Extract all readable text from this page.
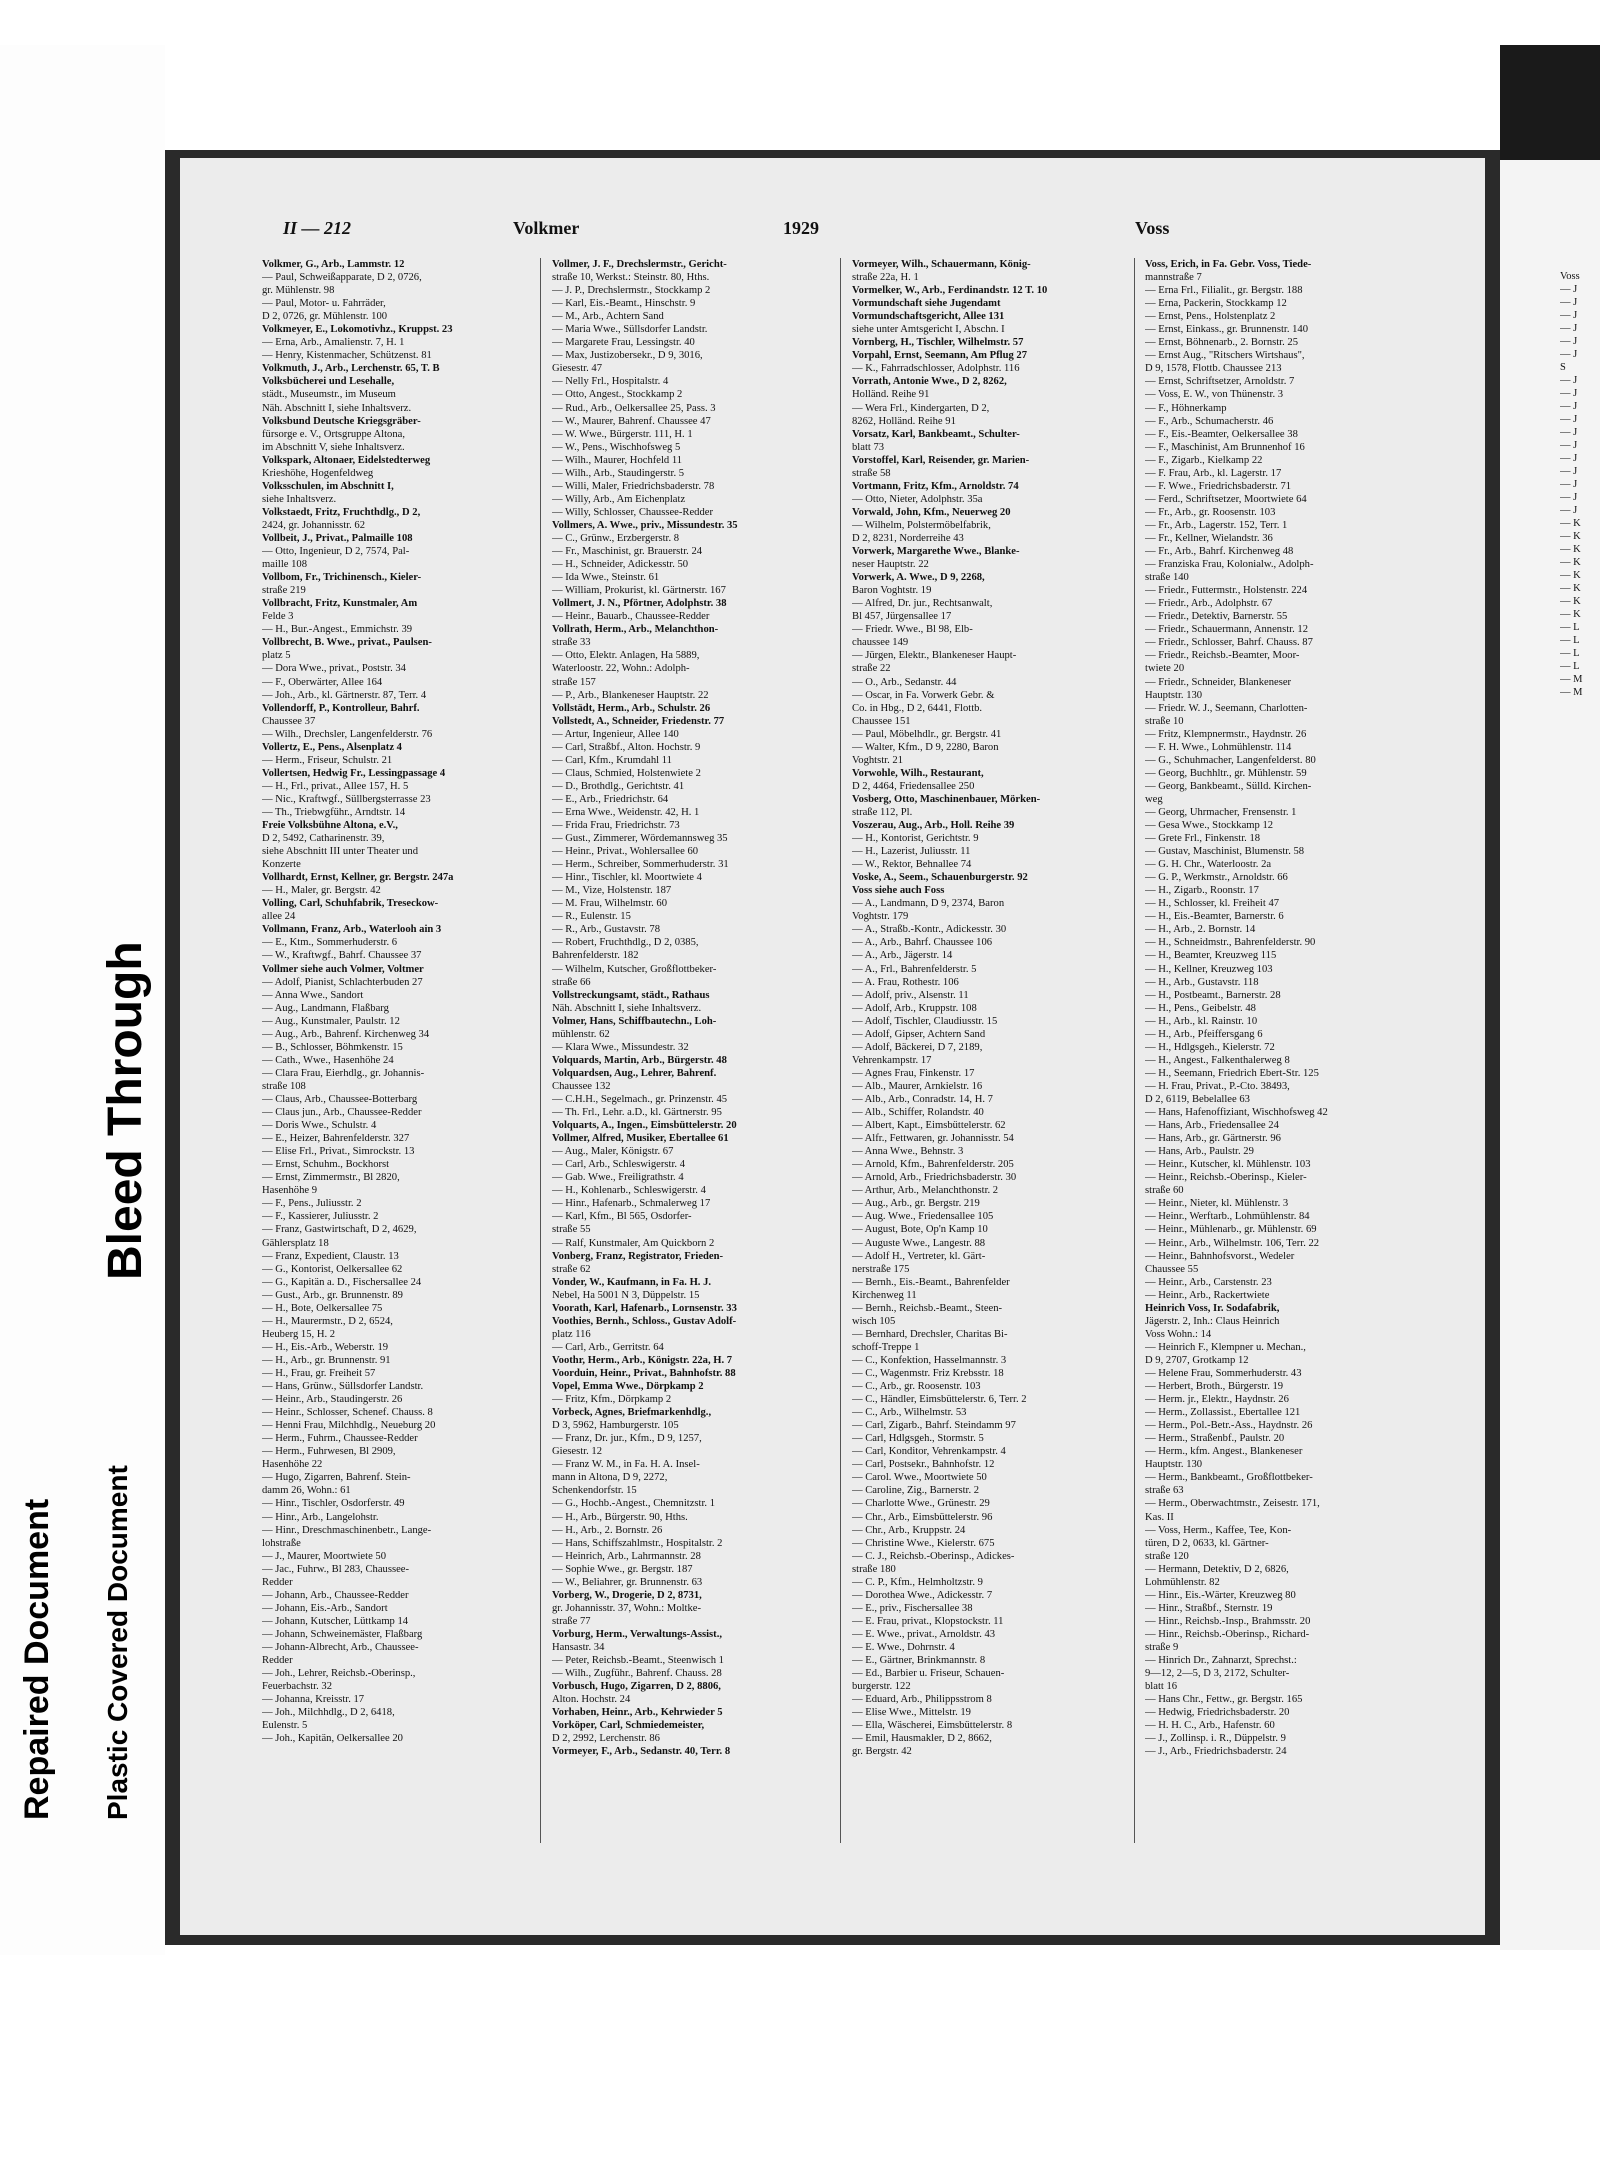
Repaired Document Plastic Covered Document
Bleed Through
II — 212	Volkmer	1929	Voss
Volkmer, G., Arb., Lammstr. 12
— Paul, Schweißapparate, D 2, 0726,
gr. Mühlenstr. 98
— Paul, Motor- u. Fahrräder,
D 2, 0726, gr. Mühlenstr. 100
Volkmeyer, E., Lokomotivhz., Kruppst. 23
— Erna, Arb., Amalienstr. 7, H. 1
— Henry, Kistenmacher, Schützenst. 81
Volkmuth, J., Arb., Lerchenstr. 65, T. B
Volksbücherei und Lesehalle,
städt., Museumstr., im Museum
Näh. Abschnitt I, siehe Inhaltsverz.
Volksbund Deutsche Kriegsgräber-
fürsorge e. V., Ortsgruppe Altona,
im Abschnitt V, siehe Inhaltsverz.
Volkspark, Altonaer, Eidelstedterweg
Krieshöhe, Hogenfeldweg
Volksschulen, im Abschnitt I,
siehe Inhaltsverz.
Volkstaedt, Fritz, Fruchthdlg., D 2,
2424, gr. Johannisstr. 62
Vollbeit, J., Privat., Palmaille 108
— Otto, Ingenieur, D 2, 7574, Pal-
maille 108
Vollbom, Fr., Trichinensch., Kieler-
straße 219
Vollbracht, Fritz, Kunstmaler, Am
Felde 3
— H., Bur.-Angest., Emmichstr. 39
Vollbrecht, B. Wwe., privat., Paulsen-
platz 5
— Dora Wwe., privat., Poststr. 34
— F., Oberwärter, Allee 164
— Joh., Arb., kl. Gärtnerstr. 87, Terr. 4
Vollendorff, P., Kontrolleur, Bahrf.
Chaussee 37
— Wilh., Drechsler, Langenfelderstr. 76
Vollertz, E., Pens., Alsenplatz 4
— Herm., Friseur, Schulstr. 21
Vollertsen, Hedwig Fr., Lessingpassage 4
— H., Frl., privat., Allee 157, H. 5
— Nic., Kraftwgf., Süllbergsterrasse 23
— Th., Triebwgführ., Arndtstr. 14
Freie Volksbühne Altona, e.V.,
D 2, 5492, Catharinenstr. 39,
siehe Abschnitt III unter Theater und
Konzerte
Vollhardt, Ernst, Kellner, gr. Bergstr. 247a
— H., Maler, gr. Bergstr. 42
Volling, Carl, Schuhfabrik, Treseckow-
allee 24
Vollmann, Franz, Arb., Waterlooh ain 3
— E., Ktm., Sommerhuderstr. 6
— W., Kraftwgf., Bahrf. Chaussee 37
Vollmer siehe auch Volmer, Voltmer
— Adolf, Pianist, Schlachterbuden 27
— Anna Wwe., Sandort
— Aug., Landmann, Flaßbarg
— Aug., Kunstmaler, Paulstr. 12
— Aug., Arb., Bahrenf. Kirchenweg 34
— B., Schlosser, Böhmkenstr. 15
— Cath., Wwe., Hasenhöhe 24
— Clara Frau, Eierhdlg., gr. Johannis-
straße 108
— Claus, Arb., Chaussee-Botterbarg
— Claus jun., Arb., Chaussee-Redder
— Doris Wwe., Schulstr. 4
— E., Heizer, Bahrenfelderstr. 327
— Elise Frl., Privat., Simrockstr. 13
— Ernst, Schuhm., Bockhorst
— Ernst, Zimmermstr., Bl 2820,
Hasenhöhe 9
— F., Pens., Juliusstr. 2
— F., Kassierer, Juliusstr. 2
— Franz, Gastwirtschaft, D 2, 4629,
Gählersplatz 18
— Franz, Expedient, Claustr. 13
— G., Kontorist, Oelkersallee 62
— G., Kapitän a. D., Fischersallee 24
— Gust., Arb., gr. Brunnenstr. 89
— H., Bote, Oelkersallee 75
— H., Maurermstr., D 2, 6524,
Heuberg 15, H. 2
— H., Eis.-Arb., Weberstr. 19
— H., Arb., gr. Brunnenstr. 91
— H., Frau, gr. Freiheit 57
— Hans, Grünw., Süllsdorfer Landstr.
— Heinr., Arb., Staudingerstr. 26
— Heinr., Schlosser, Schenef. Chauss. 8
— Henni Frau, Milchhdlg., Neueburg 20
— Herm., Fuhrm., Chaussee-Redder
— Herm., Fuhrwesen, Bl 2909,
Hasenhöhe 22
— Hugo, Zigarren, Bahrenf. Stein-
damm 26, Wohn.: 61
— Hinr., Tischler, Osdorferstr. 49
— Hinr., Arb., Langelohstr.
— Hinr., Dreschmaschinenbetr., Lange-
lohstraße
— J., Maurer, Moortwiete 50
— Jac., Fuhrw., Bl 283, Chaussee-
Redder
— Johann, Arb., Chaussee-Redder
— Johann, Eis.-Arb., Sandort
— Johann, Kutscher, Lüttkamp 14
— Johann, Schweinemäster, Flaßbarg
— Johann-Albrecht, Arb., Chaussee-
Redder
— Joh., Lehrer, Reichsb.-Oberinsp.,
Feuerbachstr. 32
— Johanna, Kreisstr. 17
— Joh., Milchhdlg., D 2, 6418,
Eulenstr. 5
— Joh., Kapitän, Oelkersallee 20
Vollmer, J. F., Drechslermstr., Gericht-
straße 10, Werkst.: Steinstr. 80, Hths.
— J. P., Drechslermstr., Stockkamp 2
— Karl, Eis.-Beamt., Hinschstr. 9
— M., Arb., Achtern Sand
— Maria Wwe., Süllsdorfer Landstr.
— Margarete Frau, Lessingstr. 40
— Max, Justizobersekr., D 9, 3016,
Giesestr. 47
— Nelly Frl., Hospitalstr. 4
— Otto, Angest., Stockkamp 2
— Rud., Arb., Oelkersallee 25, Pass. 3
— W., Maurer, Bahrenf. Chaussee 47
— W. Wwe., Bürgerstr. 111, H. 1
— W., Pens., Wischhofsweg 5
— Wilh., Maurer, Hochfeld 11
— Wilh., Arb., Staudingerstr. 5
— Willi, Maler, Friedrichsbaderstr. 78
— Willy, Arb., Am Eichenplatz
— Willy, Schlosser, Chaussee-Redder
Vollmers, A. Wwe., priv., Missundestr. 35
— C., Grünw., Erzbergerstr. 8
— Fr., Maschinist, gr. Brauerstr. 24
— H., Schneider, Adickesstr. 50
— Ida Wwe., Steinstr. 61
— William, Prokurist, kl. Gärtnerstr. 167
Vollmert, J. N., Pförtner, Adolphstr. 38
— Heinr., Bauarb., Chaussee-Redder
Vollrath, Herm., Arb., Melanchthon-
straße 33
— Otto, Elektr. Anlagen, Ha 5889,
Waterloostr. 22, Wohn.: Adolph-
straße 157
— P., Arb., Blankeneser Hauptstr. 22
Vollstädt, Herm., Arb., Schulstr. 26
Vollstedt, A., Schneider, Friedenstr. 77
— Artur, Ingenieur, Allee 140
— Carl, Straßbf., Alton. Hochstr. 9
— Carl, Kfm., Krumdahl 11
— Claus, Schmied, Holstenwiete 2
— D., Brothdlg., Gerichtstr. 41
— E., Arb., Friedrichstr. 64
— Erna Wwe., Weidenstr. 42, H. 1
— Frida Frau, Friedrichstr. 73
— Gust., Zimmerer, Wördemannsweg 35
— Heinr., Privat., Wohlersallee 60
— Herm., Schreiber, Sommerhuderstr. 31
— Hinr., Tischler, kl. Moortwiete 4
— M., Vize, Holstenstr. 187
— M. Frau, Wilhelmstr. 60
— R., Eulenstr. 15
— R., Arb., Gustavstr. 78
— Robert, Fruchthdlg., D 2, 0385,
Bahrenfelderstr. 182
— Wilhelm, Kutscher, Großflottbeker-
straße 66
Vollstreckungsamt, städt., Rathaus
Näh. Abschnitt I, siehe Inhaltsverz.
Volmer, Hans, Schiffbautechn., Loh-
mühlenstr. 62
— Klara Wwe., Missundestr. 32
Volquards, Martin, Arb., Bürgerstr. 48
Volquardsen, Aug., Lehrer, Bahrenf.
Chaussee 132
— C.H.H., Segelmach., gr. Prinzenstr. 45
— Th. Frl., Lehr. a.D., kl. Gärtnerstr. 95
Volquarts, A., Ingen., Eimsbüttelerstr. 20
Vollmer, Alfred, Musiker, Ebertallee 61
— Aug., Maler, Königstr. 67
— Carl, Arb., Schleswigerstr. 4
— Gab. Wwe., Freiligrathstr. 4
— H., Kohlenarb., Schleswigerstr. 4
— Hinr., Hafenarb., Schmalerweg 17
— Karl, Kfm., Bl 565, Osdorfer-
straße 55
— Ralf, Kunstmaler, Am Quickborn 2
Vonberg, Franz, Registrator, Frieden-
straße 62
Vonder, W., Kaufmann, in Fa. H. J.
Nebel, Ha 5001 N 3, Düppelstr. 15
Voorath, Karl, Hafenarb., Lornsenstr. 33
Voothies, Bernh., Schloss., Gustav Adolf-
platz 116
— Carl, Arb., Gerritstr. 64
Voothr, Herm., Arb., Königstr. 22a, H. 7
Voorduin, Heinr., Privat., Bahnhofstr. 88
Vopel, Emma Wwe., Dörpkamp 2
— Fritz, Kfm., Dörpkamp 2
Vorbeck, Agnes, Briefmarkenhdlg.,
D 3, 5962, Hamburgerstr. 105
— Franz, Dr. jur., Kfm., D 9, 1257,
Giesestr. 12
— Franz W. M., in Fa. H. A. Insel-
mann in Altona, D 9, 2272,
Schenkendorfstr. 15
— G., Hochb.-Angest., Chemnitzstr. 1
— H., Arb., Bürgerstr. 90, Hths.
— H., Arb., 2. Bornstr. 26
— Hans, Schiffszahlmstr., Hospitalstr. 2
— Heinrich, Arb., Lahrmannstr. 28
— Sophie Wwe., gr. Bergstr. 187
— W., Beliahrer, gr. Brunnenstr. 63
Vorberg, W., Drogerie, D 2, 8731,
gr. Johannisstr. 37, Wohn.: Moltke-
straße 77
Vorburg, Herm., Verwaltungs-Assist.,
Hansastr. 34
— Peter, Reichsb.-Beamt., Steenwisch 1
— Wilh., Zugführ., Bahrenf. Chauss. 28
Vorbusch, Hugo, Zigarren, D 2, 8806,
Alton. Hochstr. 24
Vorhaben, Heinr., Arb., Kehrwieder 5
Vorköper, Carl, Schmiedemeister,
D 2, 2992, Lerchenstr. 86
Vormeyer, F., Arb., Sedanstr. 40, Terr. 8
Vormeyer, Wilh., Schauermann, König-
straße 22a, H. 1
Vormelker, W., Arb., Ferdinandstr. 12 T. 10
Vormundschaft siehe Jugendamt
Vormundschaftsgericht, Allee 131
siehe unter Amtsgericht I, Abschn. I
Vornberg, H., Tischler, Wilhelmstr. 57
Vorpahl, Ernst, Seemann, Am Pflug 27
— K., Fahrradschlosser, Adolphstr. 116
Vorrath, Antonie Wwe., D 2, 8262,
Holländ. Reihe 91
— Wera Frl., Kindergarten, D 2,
8262, Holländ. Reihe 91
Vorsatz, Karl, Bankbeamt., Schulter-
blatt 73
Vorstoffel, Karl, Reisender, gr. Marien-
straße 58
Vortmann, Fritz, Kfm., Arnoldstr. 74
— Otto, Nieter, Adolphstr. 35a
Vorwald, John, Kfm., Neuerweg 20
— Wilhelm, Polstermöbelfabrik,
D 2, 8231, Norderreihe 43
Vorwerk, Margarethe Wwe., Blanke-
neser Hauptstr. 22
Vorwerk, A. Wwe., D 9, 2268,
Baron Voghtstr. 19
— Alfred, Dr. jur., Rechtsanwalt,
Bl 457, Jürgensallee 17
— Friedr. Wwe., Bl 98, Elb-
chaussee 149
— Jürgen, Elektr., Blankeneser Haupt-
straße 22
— O., Arb., Sedanstr. 44
— Oscar, in Fa. Vorwerk Gebr. &
Co. in Hbg., D 2, 6441, Flottb.
Chaussee 151
— Paul, Möbelhdlr., gr. Bergstr. 41
— Walter, Kfm., D 9, 2280, Baron
Voghtstr. 21
Vorwohle, Wilh., Restaurant,
D 2, 4464, Friedensallee 250
Vosberg, Otto, Maschinenbauer, Mörken-
straße 112, Pl.
Voszerau, Aug., Arb., Holl. Reihe 39
— H., Kontorist, Gerichtstr. 9
— H., Lazerist, Juliusstr. 11
— W., Rektor, Behnallee 74
Voske, A., Seem., Schauenburgerstr. 92
Voss siehe auch Foss
— A., Landmann, D 9, 2374, Baron
Voghtstr. 179
— A., Straßb.-Kontr., Adickesstr. 30
— A., Arb., Bahrf. Chaussee 106
— A., Arb., Jägerstr. 14
— A., Frl., Bahrenfelderstr. 5
— A. Frau, Rothestr. 106
— Adolf, priv., Alsenstr. 11
— Adolf, Arb., Kruppstr. 108
— Adolf, Tischler, Claudiusstr. 15
— Adolf, Gipser, Achtern Sand
— Adolf, Bäckerei, D 7, 2189,
Vehrenkampstr. 17
— Agnes Frau, Finkenstr. 17
— Alb., Maurer, Arnkielstr. 16
— Alb., Arb., Conradstr. 14, H. 7
— Alb., Schiffer, Rolandstr. 40
— Albert, Kapt., Eimsbüttelerstr. 62
— Alfr., Fettwaren, gr. Johannisstr. 54
— Anna Wwe., Behnstr. 3
— Arnold, Kfm., Bahrenfelderstr. 205
— Arnold, Arb., Friedrichsbaderstr. 30
— Arthur, Arb., Melanchthonstr. 2
— Aug., Arb., gr. Bergstr. 219
— Aug. Wwe., Friedensallee 105
— August, Bote, Op'n Kamp 10
— Auguste Wwe., Langestr. 88
— Adolf H., Vertreter, kl. Gärt-
nerstraße 175
— Bernh., Eis.-Beamt., Bahrenfelder
Kirchenweg 11
— Bernh., Reichsb.-Beamt., Steen-
wisch 105
— Bernhard, Drechsler, Charitas Bi-
schoff-Treppe 1
— C., Konfektion, Hasselmannstr. 3
— C., Wagenmstr. Friz Krebsstr. 18
— C., Arb., gr. Roosenstr. 103
— C., Händler, Eimsbüttelerstr. 6, Terr. 2
— C., Arb., Wilhelmstr. 53
— Carl, Zigarb., Bahrf. Steindamm 97
— Carl, Hdlgsgeh., Stormstr. 5
— Carl, Konditor, Vehrenkampstr. 4
— Carl, Postsekr., Bahnhofstr. 12
— Carol. Wwe., Moortwiete 50
— Caroline, Zig., Barnerstr. 2
— Charlotte Wwe., Grünestr. 29
— Chr., Arb., Eimsbüttelerstr. 96
— Chr., Arb., Kruppstr. 24
— Christine Wwe., Kielerstr. 675
— C. J., Reichsb.-Oberinsp., Adickes-
straße 180
— C. P., Kfm., Helmholtzstr. 9
— Dorothea Wwe., Adickesstr. 7
— E., priv., Fischersallee 38
— E. Frau, privat., Klopstockstr. 11
— E. Wwe., privat., Arnoldstr. 43
— E. Wwe., Dohrnstr. 4
— E., Gärtner, Brinkmannstr. 8
— Ed., Barbier u. Friseur, Schauen-
burgerstr. 122
— Eduard, Arb., Philippsstrom 8
— Elise Wwe., Mittelstr. 19
— Ella, Wäscherei, Eimsbüttelerstr. 8
— Emil, Hausmakler, D 2, 8662,
gr. Bergstr. 42
Voss, Erich, in Fa. Gebr. Voss, Tiede-
mannstraße 7
— Erna Frl., Filialit., gr. Bergstr. 188
— Erna, Packerin, Stockkamp 12
— Ernst, Pens., Holstenplatz 2
— Ernst, Einkass., gr. Brunnenstr. 140
— Ernst, Böhnenarb., 2. Bornstr. 25
— Ernst Aug., "Ritschers Wirtshaus",
D 9, 1578, Flottb. Chaussee 213
— Ernst, Schriftsetzer, Arnoldstr. 7
— Voss, E. W., von Thünenstr. 3
— F., Höhnerkamp
— F., Arb., Schumacherstr. 46
— F., Eis.-Beamter, Oelkersallee 38
— F., Maschinist, Am Brunnenhof 16
— F., Zigarb., Kielkamp 22
— F. Frau, Arb., kl. Lagerstr. 17
— F. Wwe., Friedrichsbaderstr. 71
— Ferd., Schriftsetzer, Moortwiete 64
— Fr., Arb., gr. Roosenstr. 103
— Fr., Arb., Lagerstr. 152, Terr. 1
— Fr., Kellner, Wielandstr. 36
— Fr., Arb., Bahrf. Kirchenweg 48
— Franziska Frau, Kolonialw., Adolph-
straße 140
— Friedr., Futtermstr., Holstenstr. 224
— Friedr., Arb., Adolphstr. 67
— Friedr., Detektiv, Barnerstr. 55
— Friedr., Schauermann, Annenstr. 12
— Friedr., Schlosser, Bahrf. Chauss. 87
— Friedr., Reichsb.-Beamter, Moor-
twiete 20
— Friedr., Schneider, Blankeneser
Hauptstr. 130
— Friedr. W. J., Seemann, Charlotten-
straße 10
— Fritz, Klempnermstr., Haydnstr. 26
— F. H. Wwe., Lohmühlenstr. 114
— G., Schuhmacher, Langenfelderst. 80
— Georg, Buchhltr., gr. Mühlenstr. 59
— Georg, Bankbeamt., Sülld. Kirchen-
weg
— Georg, Uhrmacher, Frensenstr. 1
— Gesa Wwe., Stockkamp 12
— Grete Frl., Finkenstr. 18
— Gustav, Maschinist, Blumenstr. 58
— G. H. Chr., Waterloostr. 2a
— G. P., Werkmstr., Arnoldstr. 66
— H., Zigarb., Roonstr. 17
— H., Schlosser, kl. Freiheit 47
— H., Eis.-Beamter, Barnerstr. 6
— H., Arb., 2. Bornstr. 14
— H., Schneidmstr., Bahrenfelderstr. 90
— H., Beamter, Kreuzweg 115
— H., Kellner, Kreuzweg 103
— H., Arb., Gustavstr. 118
— H., Postbeamt., Barnerstr. 28
— H., Pens., Geibelstr. 48
— H., Arb., kl. Rainstr. 10
— H., Arb., Pfeiffersgang 6
— H., Hdlgsgeh., Kielerstr. 72
— H., Angest., Falkenthalerweg 8
— H., Seemann, Friedrich Ebert-Str. 125
— H. Frau, Privat., P.-Cto. 38493,
D 2, 6119, Bebelallee 63
— Hans, Hafenoffiziant, Wischhofsweg 42
— Hans, Arb., Friedensallee 24
— Hans, Arb., gr. Gärtnerstr. 96
— Hans, Arb., Paulstr. 29
— Heinr., Kutscher, kl. Mühlenstr. 103
— Heinr., Reichsb.-Oberinsp., Kieler-
straße 60
— Heinr., Nieter, kl. Mühlenstr. 3
— Heinr., Werftarb., Lohmühlenstr. 84
— Heinr., Mühlenarb., gr. Mühlenstr. 69
— Heinr., Arb., Wilhelmstr. 106, Terr. 22
— Heinr., Bahnhofsvorst., Wedeler
Chaussee 55
— Heinr., Arb., Carstenstr. 23
— Heinr., Arb., Rackertwiete
Heinrich Voss, Ir. Sodafabrik,
Jägerstr. 2, Inh.: Claus Heinrich
Voss Wohn.: 14
— Heinrich F., Klempner u. Mechan.,
D 9, 2707, Grotkamp 12
— Helene Frau, Sommerhuderstr. 43
— Herbert, Broth., Bürgerstr. 19
— Herm. jr., Elektr., Haydnstr. 26
— Herm., Zollassist., Ebertallee 121
— Herm., Pol.-Betr.-Ass., Haydnstr. 26
— Herm., Straßenbf., Paulstr. 20
— Herm., kfm. Angest., Blankeneser
Hauptstr. 130
— Herm., Bankbeamt., Großflottbeker-
straße 63
— Herm., Oberwachtmstr., Zeisestr. 171,
Kas. II
— Voss, Herm., Kaffee, Tee, Kon-
türen, D 2, 0633, kl. Gärtner-
straße 120
— Hermann, Detektiv, D 2, 6826,
Lohmühlenstr. 82
— Hinr., Eis.-Wärter, Kreuzweg 80
— Hinr., Straßbf., Sternstr. 19
— Hinr., Reichsb.-Insp., Brahmsstr. 20
— Hinr., Reichsb.-Oberinsp., Richard-
straße 9
— Hinrich Dr., Zahnarzt, Sprechst.:
9—12, 2—5, D 3, 2172, Schulter-
blatt 16
— Hans Chr., Fettw., gr. Bergstr. 165
— Hedwig, Friedrichsbaderstr. 20
— H. H. C., Arb., Hafenstr. 60
— J., Zollinsp. i. R., Düppelstr. 9
— J., Arb., Friedrichsbaderstr. 24
Voss
— J
— J
— J
— J
— J
— J
S
— J
— J
— J
— J
— J
— J
— J
— J
— J
— J
— J
— K
— K
— K
— K
— K
— K
— K
— K
— L
— L
— L
— L
— M
— M
